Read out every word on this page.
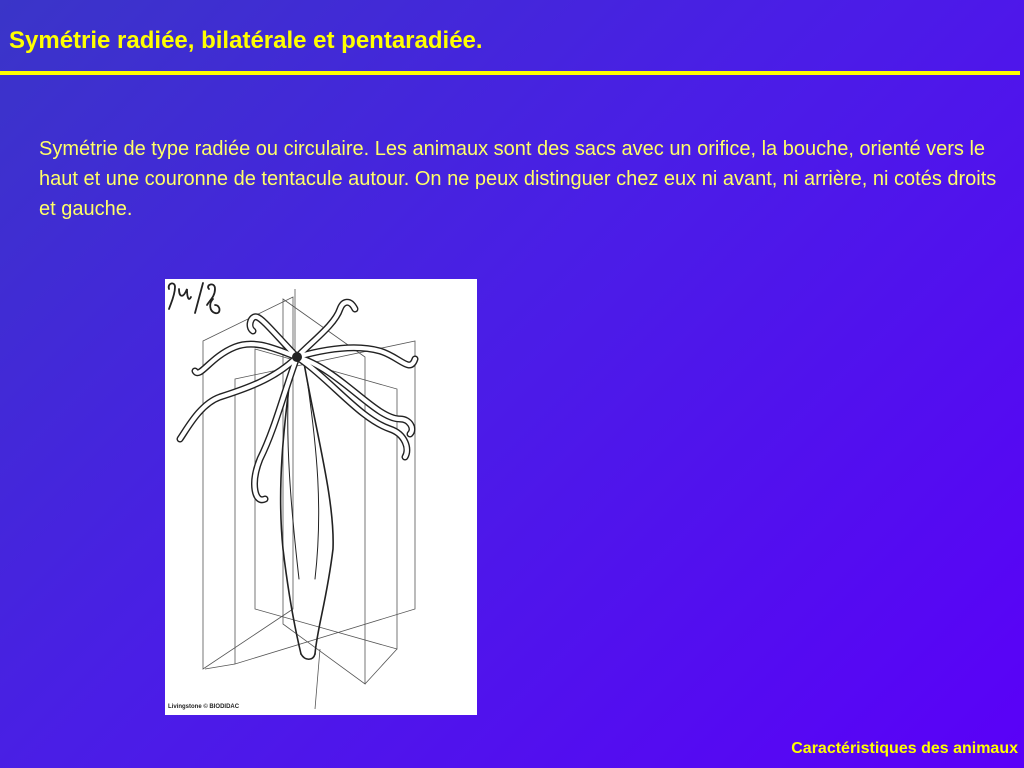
Symétrie radiée, bilatérale et pentaradiée.

Symétrie de type radiée ou circulaire. Les animaux sont des sacs avec un orifice, la bouche, orienté vers le haut et une couronne de tentacule autour. On ne peux distinguer chez eux ni avant, ni arrière, ni cotés droits et gauche.

Livingstone © BIODIDAC
Caractéristiques des animaux
